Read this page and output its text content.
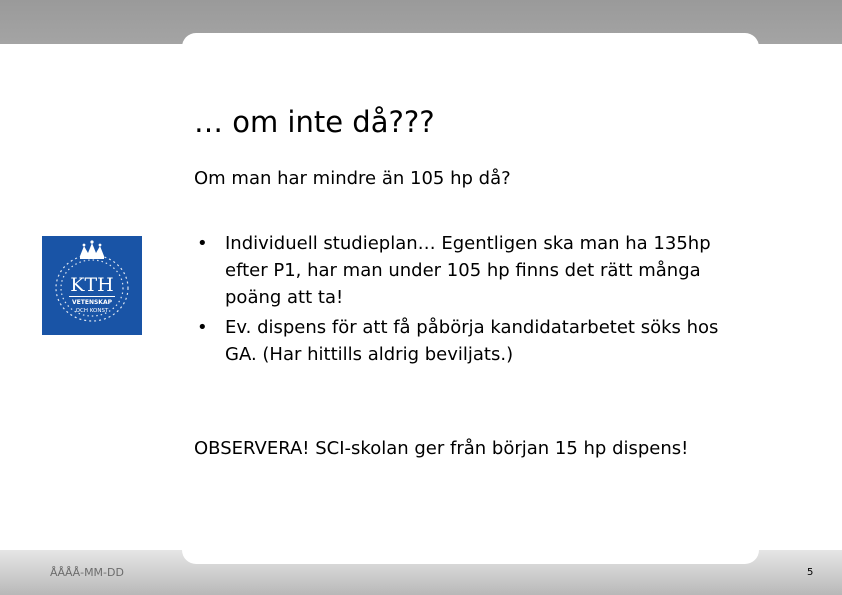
… om inte då???

Om man har mindre än 105 hp då?

KTH
VETENSKAP
OCH KONST
• Individuell studieplan… Egentligen ska man ha 135hp efter P1, har man under 105 hp finns det rätt många poäng att ta!
• Ev. dispens för att få påbörja kandidatarbetet söks hos GA. (Har hittills aldrig beviljats.)

OBSERVERA! SCI-skolan ger från början 15 hp dispens!

ÅÅÅÅ-MM-DD	5
